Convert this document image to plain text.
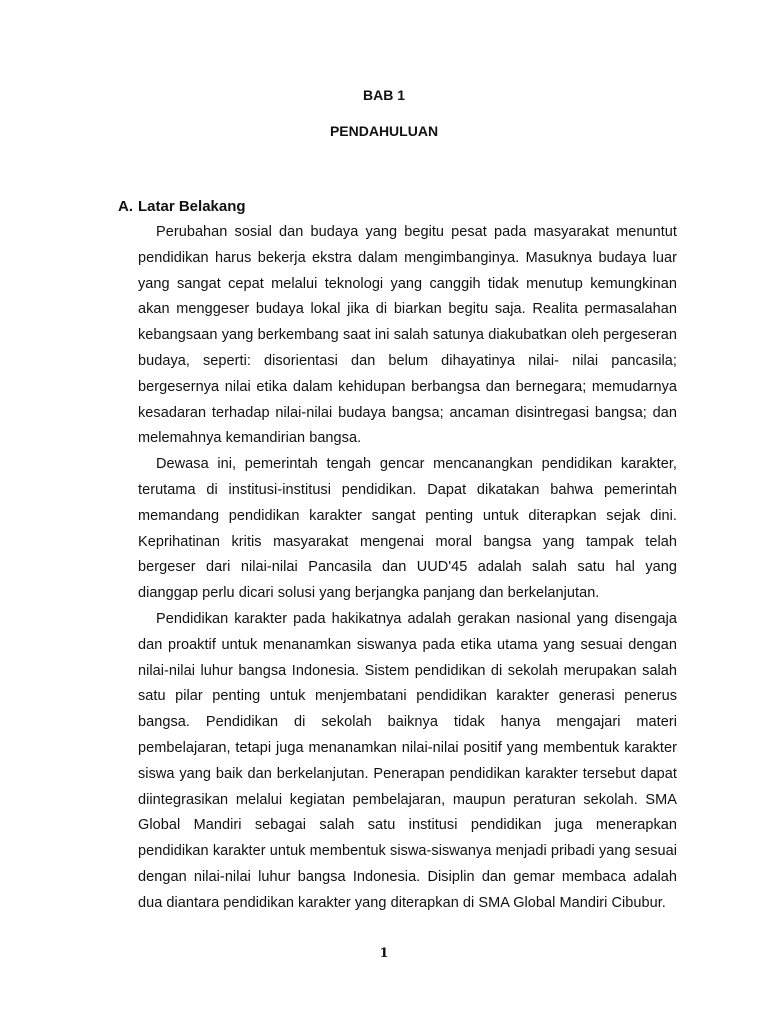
BAB 1

PENDAHULUAN

A. Latar Belakang

Perubahan sosial dan budaya yang begitu pesat pada masyarakat menuntut pendidikan harus bekerja ekstra dalam mengimbanginya. Masuknya budaya luar yang sangat cepat melalui teknologi yang canggih tidak menutup kemungkinan akan menggeser budaya lokal jika di biarkan begitu saja. Realita permasalahan kebangsaan yang berkembang saat ini salah satunya diakubatkan oleh pergeseran budaya, seperti: disorientasi dan belum dihayatinya nilai- nilai pancasila; bergesernya nilai etika dalam kehidupan berbangsa dan bernegara; memudarnya kesadaran terhadap nilai-nilai budaya bangsa; ancaman disintregasi bangsa; dan melemahnya kemandirian bangsa.

Dewasa ini, pemerintah tengah gencar mencanangkan pendidikan karakter, terutama di institusi-institusi pendidikan. Dapat dikatakan bahwa pemerintah memandang pendidikan karakter sangat penting untuk diterapkan sejak dini. Keprihatinan kritis masyarakat mengenai moral bangsa yang tampak telah bergeser dari nilai-nilai Pancasila dan UUD'45 adalah salah satu hal yang dianggap perlu dicari solusi yang berjangka panjang dan berkelanjutan.

Pendidikan karakter pada hakikatnya adalah gerakan nasional yang disengaja dan proaktif untuk menanamkan siswanya pada etika utama yang sesuai dengan nilai-nilai luhur bangsa Indonesia. Sistem pendidikan di sekolah merupakan salah satu pilar penting untuk menjembatani pendidikan karakter generasi penerus bangsa. Pendidikan di sekolah baiknya tidak hanya mengajari materi pembelajaran, tetapi juga menanamkan nilai-nilai positif yang membentuk karakter siswa yang baik dan berkelanjutan. Penerapan pendidikan karakter tersebut dapat diintegrasikan melalui kegiatan pembelajaran, maupun peraturan sekolah. SMA Global Mandiri sebagai salah satu institusi pendidikan juga menerapkan pendidikan karakter untuk membentuk siswa-siswanya menjadi pribadi yang sesuai dengan nilai-nilai luhur bangsa Indonesia. Disiplin dan gemar membaca adalah dua diantara pendidikan karakter yang diterapkan di SMA Global Mandiri Cibubur.

1
